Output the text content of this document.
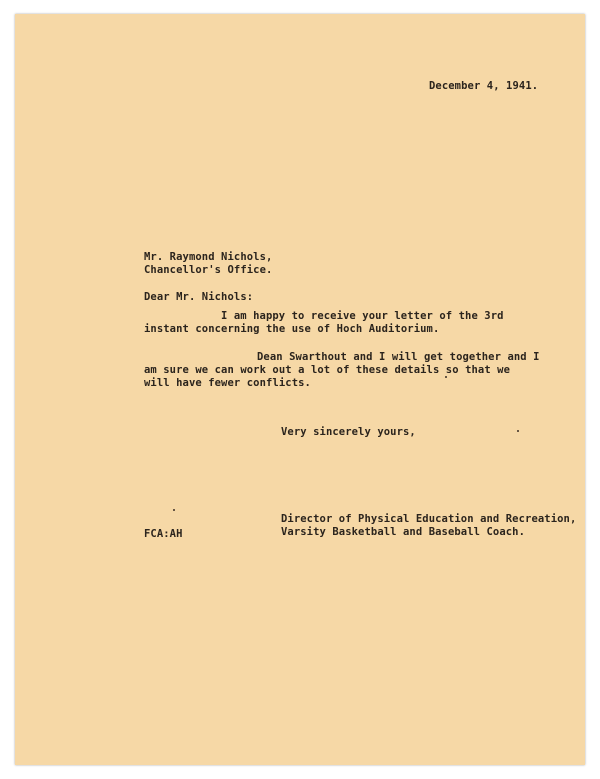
December 4, 1941.
Mr. Raymond Nichols,
Chancellor's Office.
Dear Mr. Nichols:
I am happy to receive your letter of the 3rd
instant concerning the use of Hoch Auditorium.
Dean Swarthout and I will get together and I
am sure we can work out a lot of these details so that we
will have fewer conflicts.
Very sincerely yours,
Director of Physical Education and Recreation,
Varsity Basketball and Baseball Coach.
FCA:AH
